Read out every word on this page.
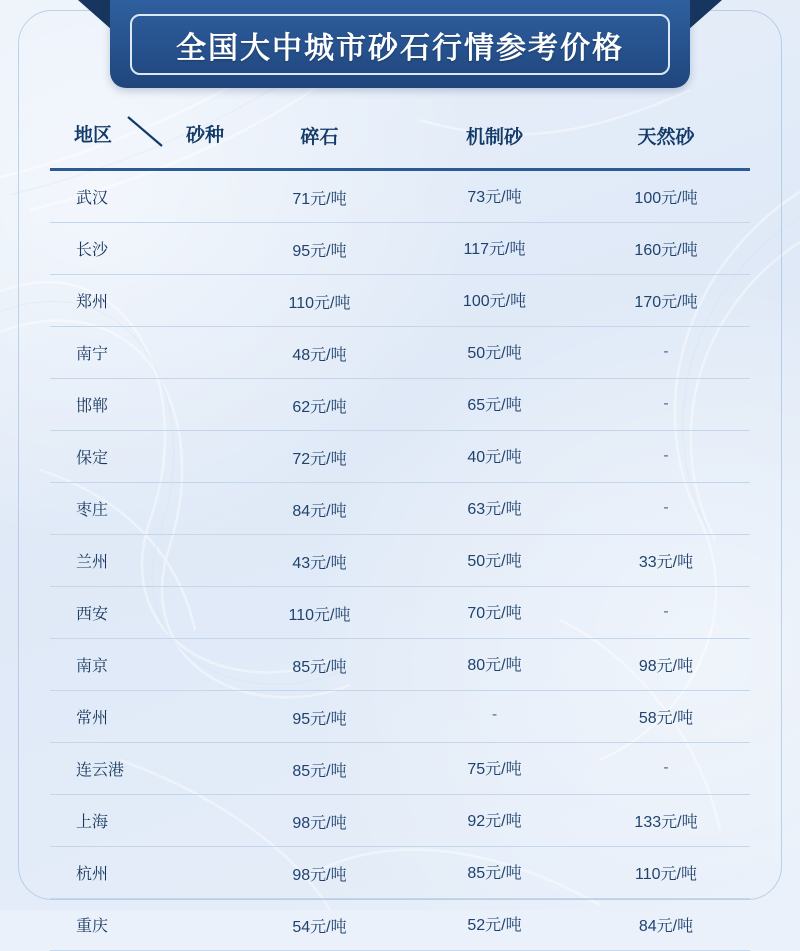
全国大中城市砂石行情参考价格
地区 砂种	碎石	机制砂	天然砂
武汉	71元/吨	73元/吨	100元/吨
长沙	95元/吨	117元/吨	160元/吨
郑州	110元/吨	100元/吨	170元/吨
南宁	48元/吨	50元/吨	-
邯郸	62元/吨	65元/吨	-
保定	72元/吨	40元/吨	-
枣庄	84元/吨	63元/吨	-
兰州	43元/吨	50元/吨	33元/吨
西安	110元/吨	70元/吨	-
南京	85元/吨	80元/吨	98元/吨
常州	95元/吨	-	58元/吨
连云港	85元/吨	75元/吨	-
上海	98元/吨	92元/吨	133元/吨
杭州	98元/吨	85元/吨	110元/吨
重庆	54元/吨	52元/吨	84元/吨
